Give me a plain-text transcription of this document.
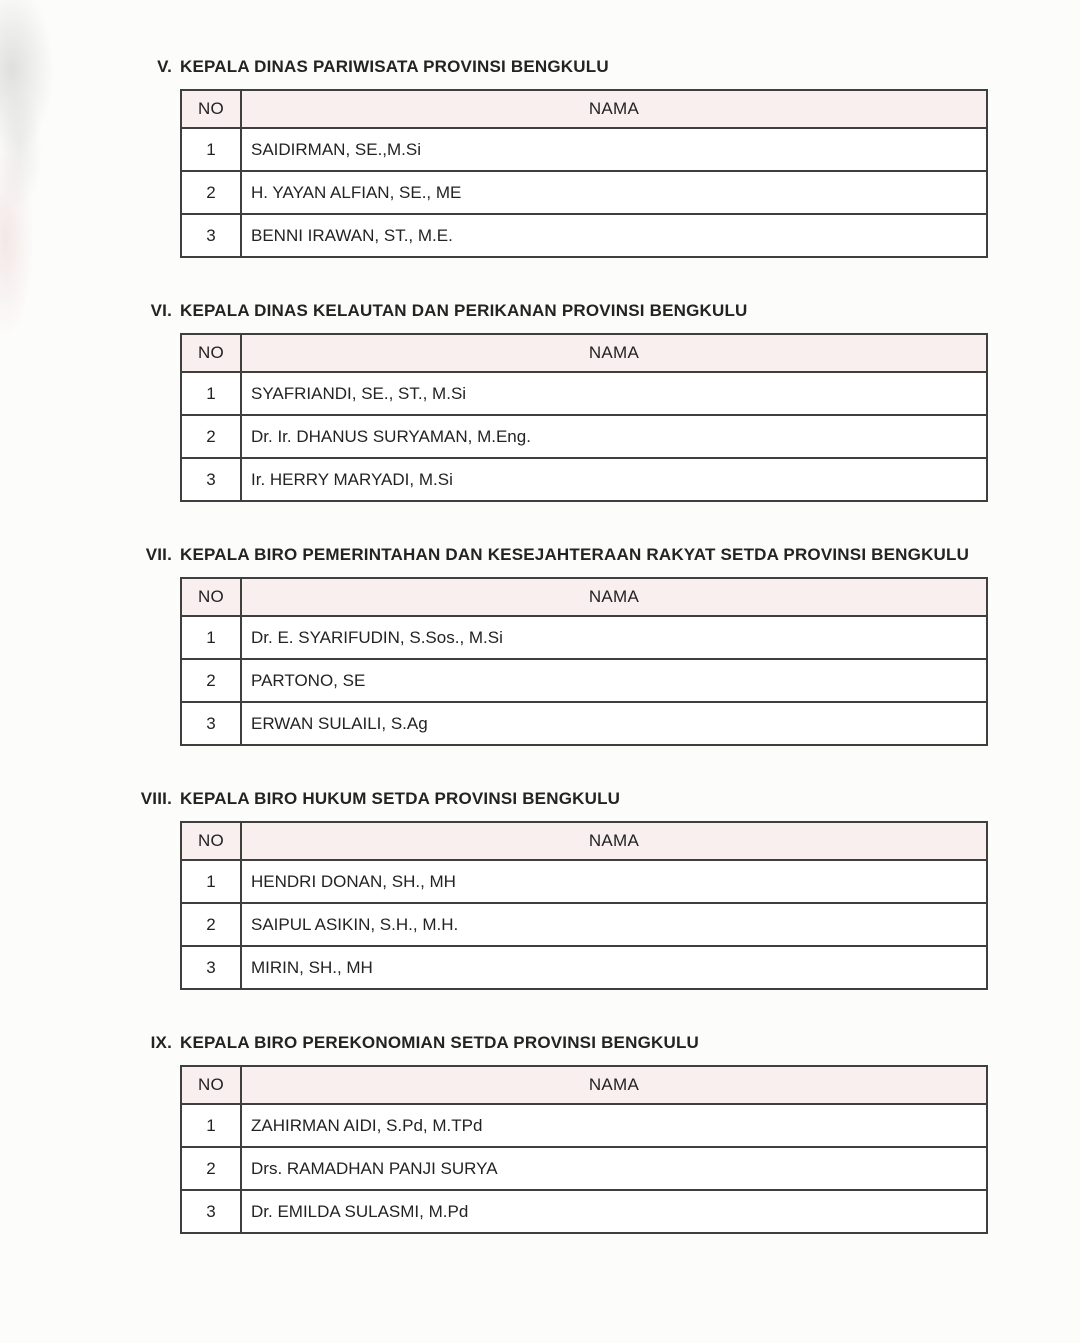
V. KEPALA DINAS PARIWISATA PROVINSI BENGKULU
NO	NAMA
1	SAIDIRMAN, SE.,M.Si
2	H. YAYAN ALFIAN, SE., ME
3	BENNI IRAWAN, ST., M.E.
VI. KEPALA DINAS KELAUTAN DAN PERIKANAN PROVINSI BENGKULU
NO	NAMA
1	SYAFRIANDI, SE., ST., M.Si
2	Dr. Ir. DHANUS SURYAMAN, M.Eng.
3	Ir. HERRY MARYADI, M.Si
VII. KEPALA BIRO PEMERINTAHAN DAN KESEJAHTERAAN RAKYAT SETDA PROVINSI BENGKULU
NO	NAMA
1	Dr. E. SYARIFUDIN, S.Sos., M.Si
2	PARTONO, SE
3	ERWAN SULAILI, S.Ag
VIII. KEPALA BIRO HUKUM SETDA PROVINSI BENGKULU
NO	NAMA
1	HENDRI DONAN, SH., MH
2	SAIPUL ASIKIN, S.H., M.H.
3	MIRIN, SH., MH
IX. KEPALA BIRO PEREKONOMIAN SETDA PROVINSI BENGKULU
NO	NAMA
1	ZAHIRMAN AIDI, S.Pd, M.TPd
2	Drs. RAMADHAN PANJI SURYA
3	Dr. EMILDA SULASMI, M.Pd
